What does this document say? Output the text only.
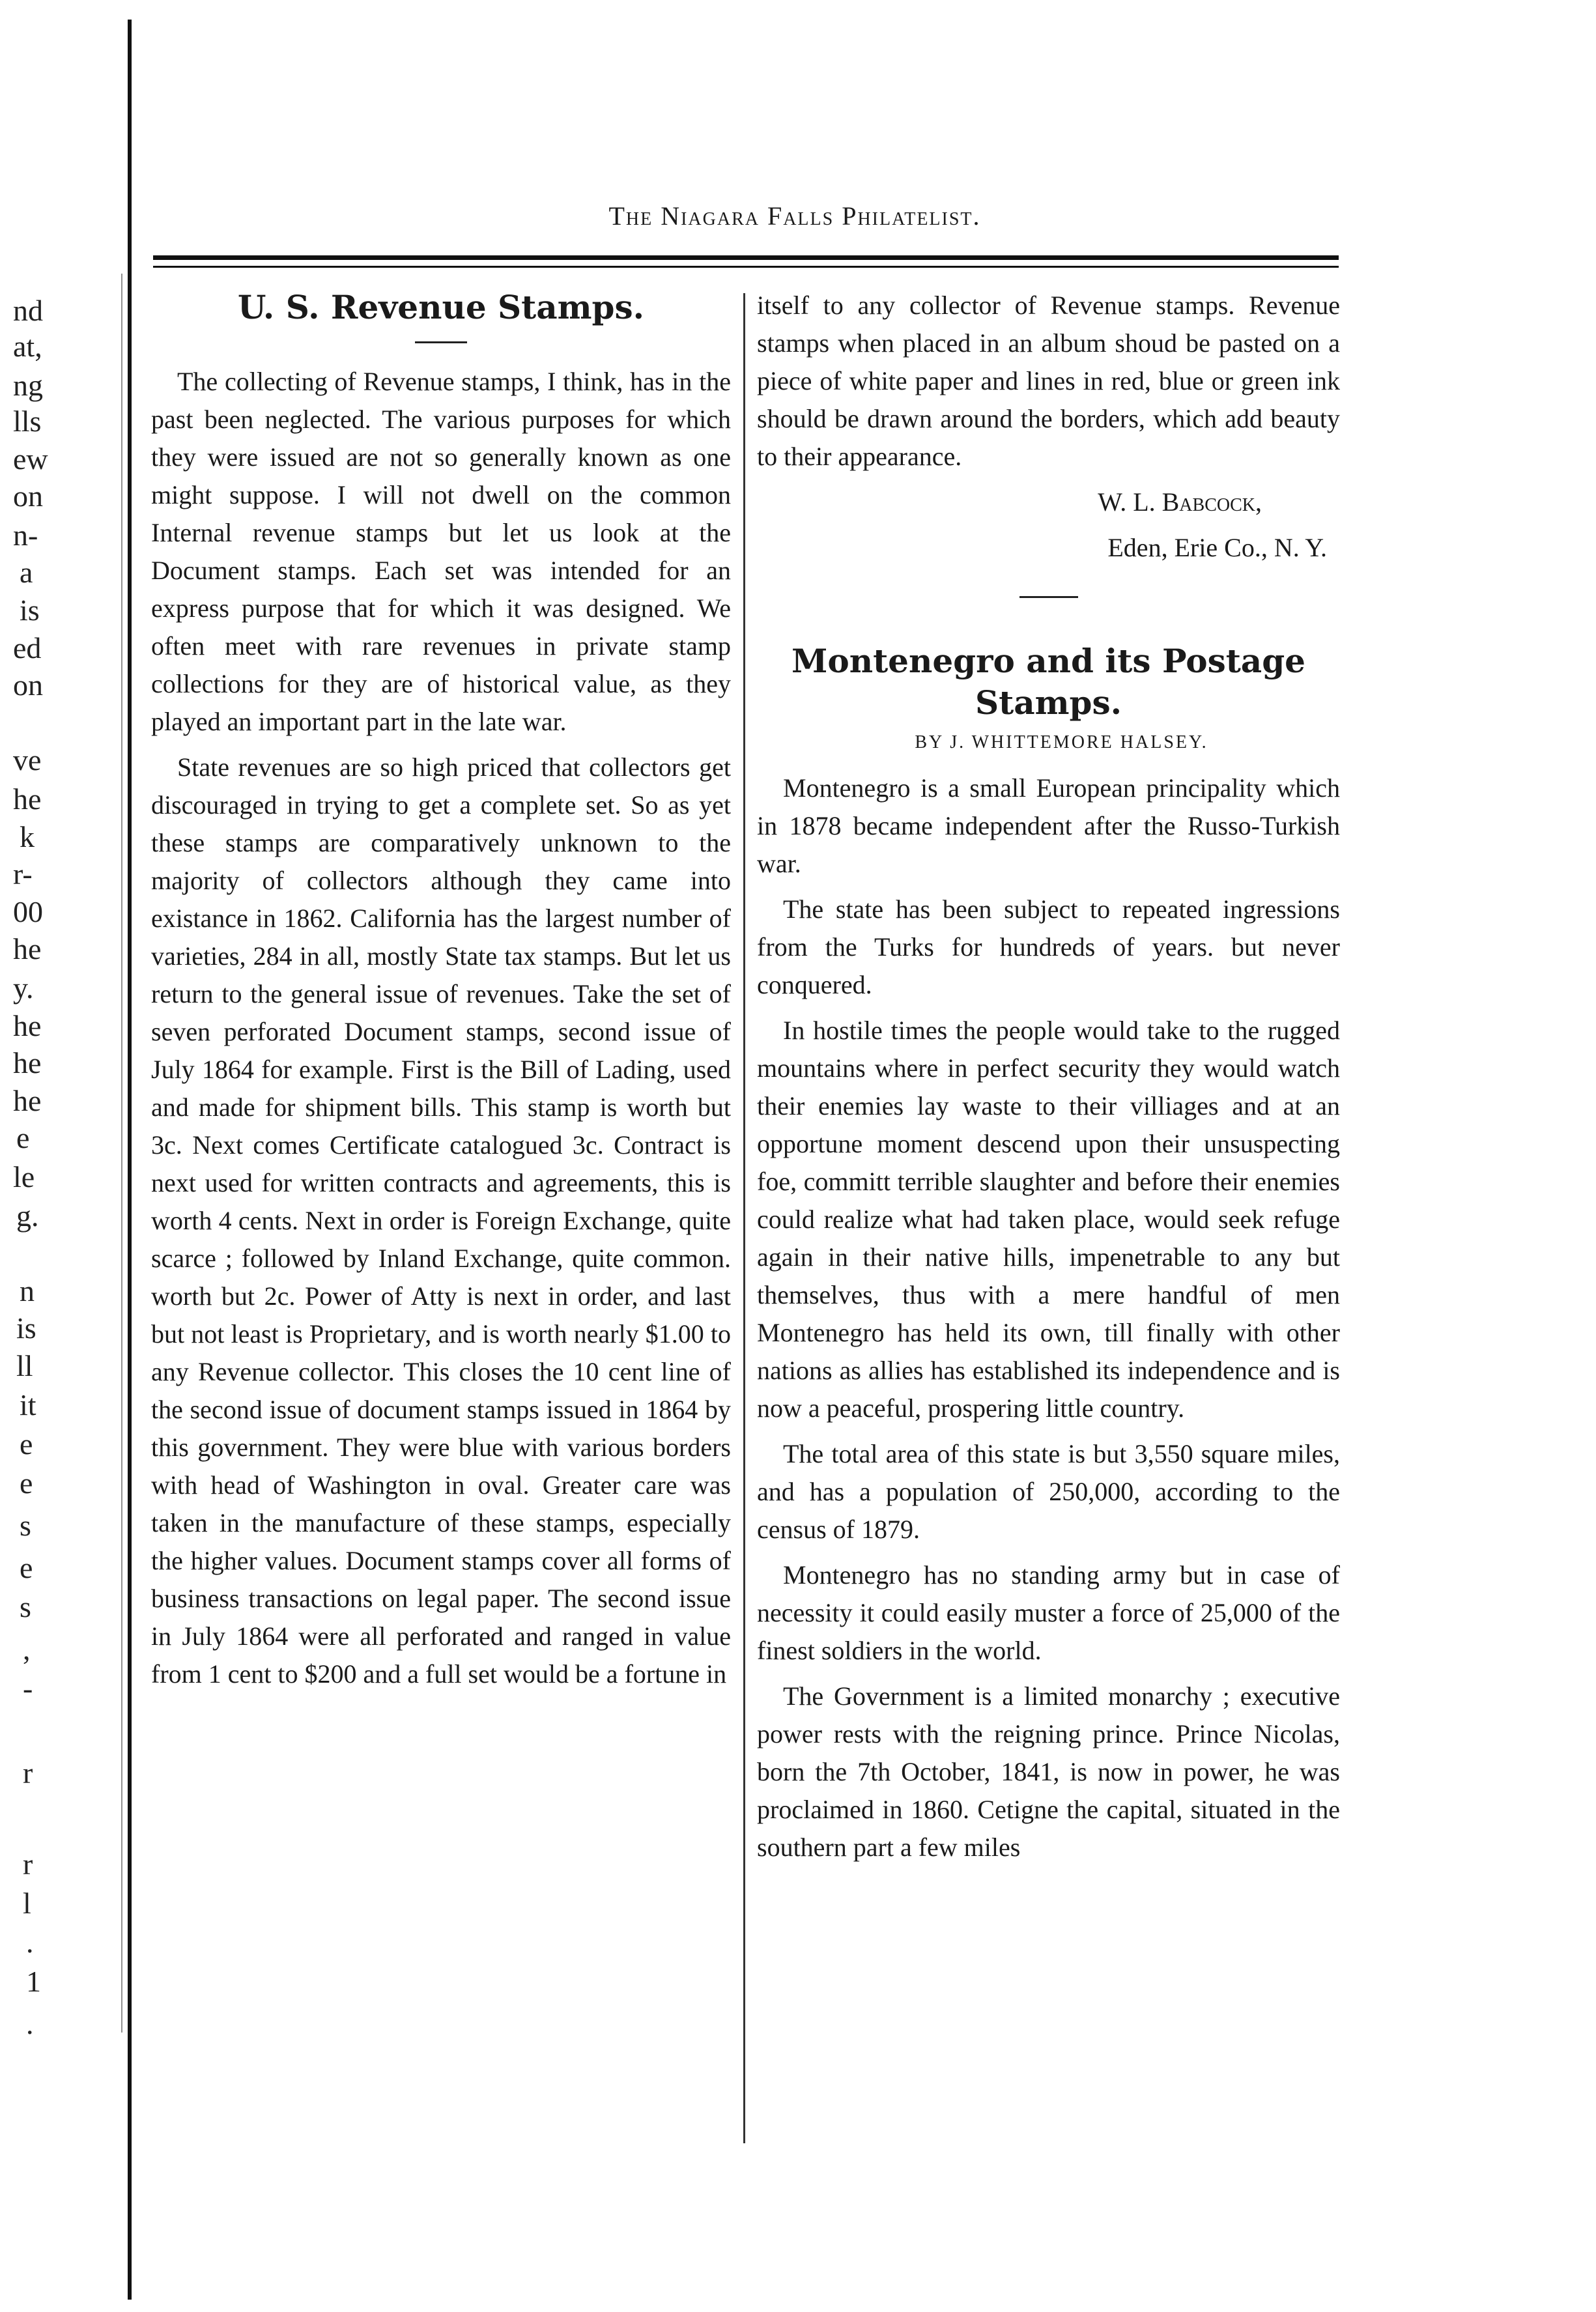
nd
at,
ng
lls
ew
on
n-
a
is
ed
on
ve
he
k
r-
00
he
y.
he
he
he
e
le
g.
n
is
ll
it
e
e
s
e
s
,
-
r
r
l
.
1
.
The Niagara Falls Philatelist.
U. S. Revenue Stamps.

The collecting of Revenue stamps, I think, has in the past been neglected. The various purposes for which they were issued are not so generally known as one might suppose. I will not dwell on the common Internal revenue stamps but let us look at the Document stamps. Each set was intended for an express purpose that for which it was designed. We often meet with rare revenues in private stamp collections for they are of historical value, as they played an important part in the late war.

State revenues are so high priced that collectors get discouraged in trying to get a complete set. So as yet these stamps are comparatively unknown to the majority of collectors although they came into existance in 1862. California has the largest number of varieties, 284 in all, mostly State tax stamps. But let us return to the general issue of revenues. Take the set of seven perforated Document stamps, second issue of July 1864 for example. First is the Bill of Lading, used and made for shipment bills. This stamp is worth but 3c. Next comes Certificate catalogued 3c. Contract is next used for written contracts and agreements, this is worth 4 cents. Next in order is Foreign Exchange, quite scarce ; followed by Inland Exchange, quite common. worth but 2c. Power of Atty is next in order, and last but not least is Proprietary, and is worth nearly $1.00 to any Revenue collector. This closes the 10 cent line of the second issue of document stamps issued in 1864 by this government. They were blue with various borders with head of Washington in oval. Greater care was taken in the manufacture of these stamps, especially the higher values. Document stamps cover all forms of business transactions on legal paper. The second issue in July 1864 were all perforated and ranged in value from 1 cent to $200 and a full set would be a fortune in

itself to any collector of Revenue stamps. Revenue stamps when placed in an album shoud be pasted on a piece of white paper and lines in red, blue or green ink should be drawn around the borders, which add beauty to their appearance.

W. L. Babcock,

Eden, Erie Co., N. Y.

Montenegro and its Postage Stamps.

BY J. WHITTEMORE HALSEY.

Montenegro is a small European principality which in 1878 became independent after the Russo-Turkish war.

The state has been subject to repeated ingressions from the Turks for hundreds of years. but never conquered.

In hostile times the people would take to the rugged mountains where in perfect security they would watch their enemies lay waste to their villiages and at an opportune moment descend upon their unsuspecting foe, committ terrible slaughter and before their enemies could realize what had taken place, would seek refuge again in their native hills, impenetrable to any but themselves, thus with a mere handful of men Montenegro has held its own, till finally with other nations as allies has established its independence and is now a peaceful, prospering little country.

The total area of this state is but 3,550 square miles, and has a population of 250,000, according to the census of 1879.

Montenegro has no standing army but in case of necessity it could easily muster a force of 25,000 of the finest soldiers in the world.

The Government is a limited monarchy ; executive power rests with the reigning prince. Prince Nicolas, born the 7th October, 1841, is now in power, he was proclaimed in 1860. Cetigne the capital, situated in the southern part a few miles
